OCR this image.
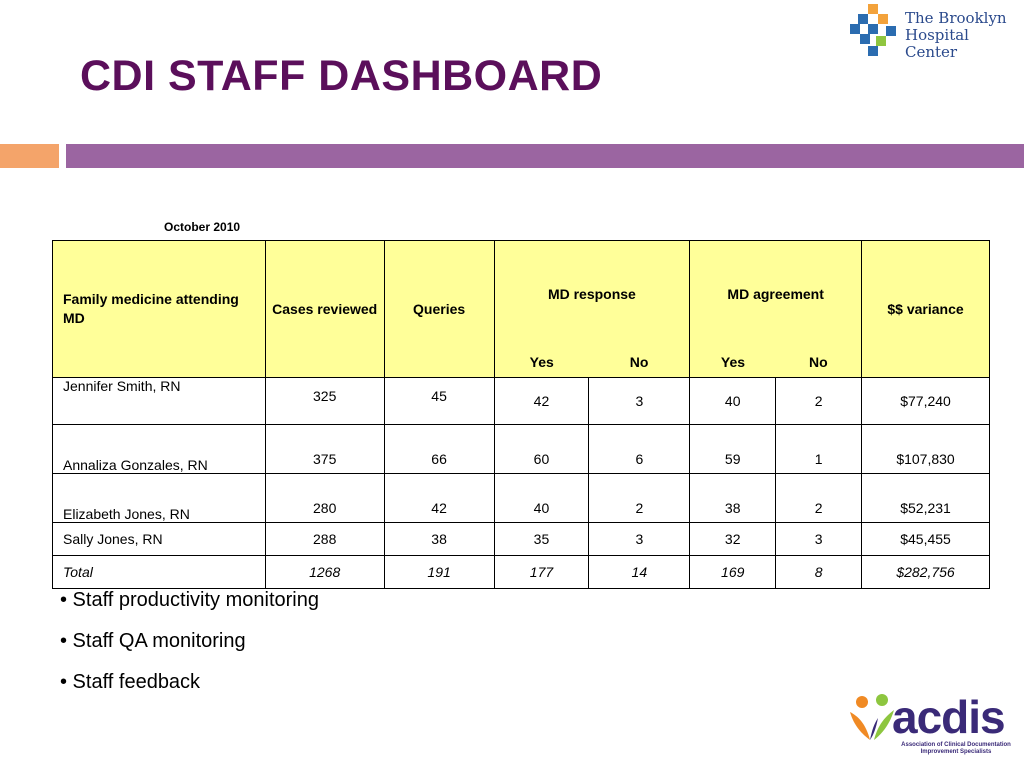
CDI STAFF DASHBOARD
The Brooklyn
Hospital Center
October 2010
Family medicine attending MD	Cases reviewed	Queries	MD response		MD agreement		$$ variance
			Yes	No	Yes	No	
Jennifer Smith, RN	325	45	42	3	40	2	$77,240
Annaliza Gonzales, RN	375	66	60	6	59	1	$107,830
Elizabeth Jones, RN	280	42	40	2	38	2	$52,231
Sally Jones, RN	288	38	35	3	32	3	$45,455
Total	1268	191	177	14	169	8	$282,756
• Staff productivity monitoring
• Staff QA monitoring
• Staff feedback
acdis
Association of Clinical Documentation Improvement Specialists
